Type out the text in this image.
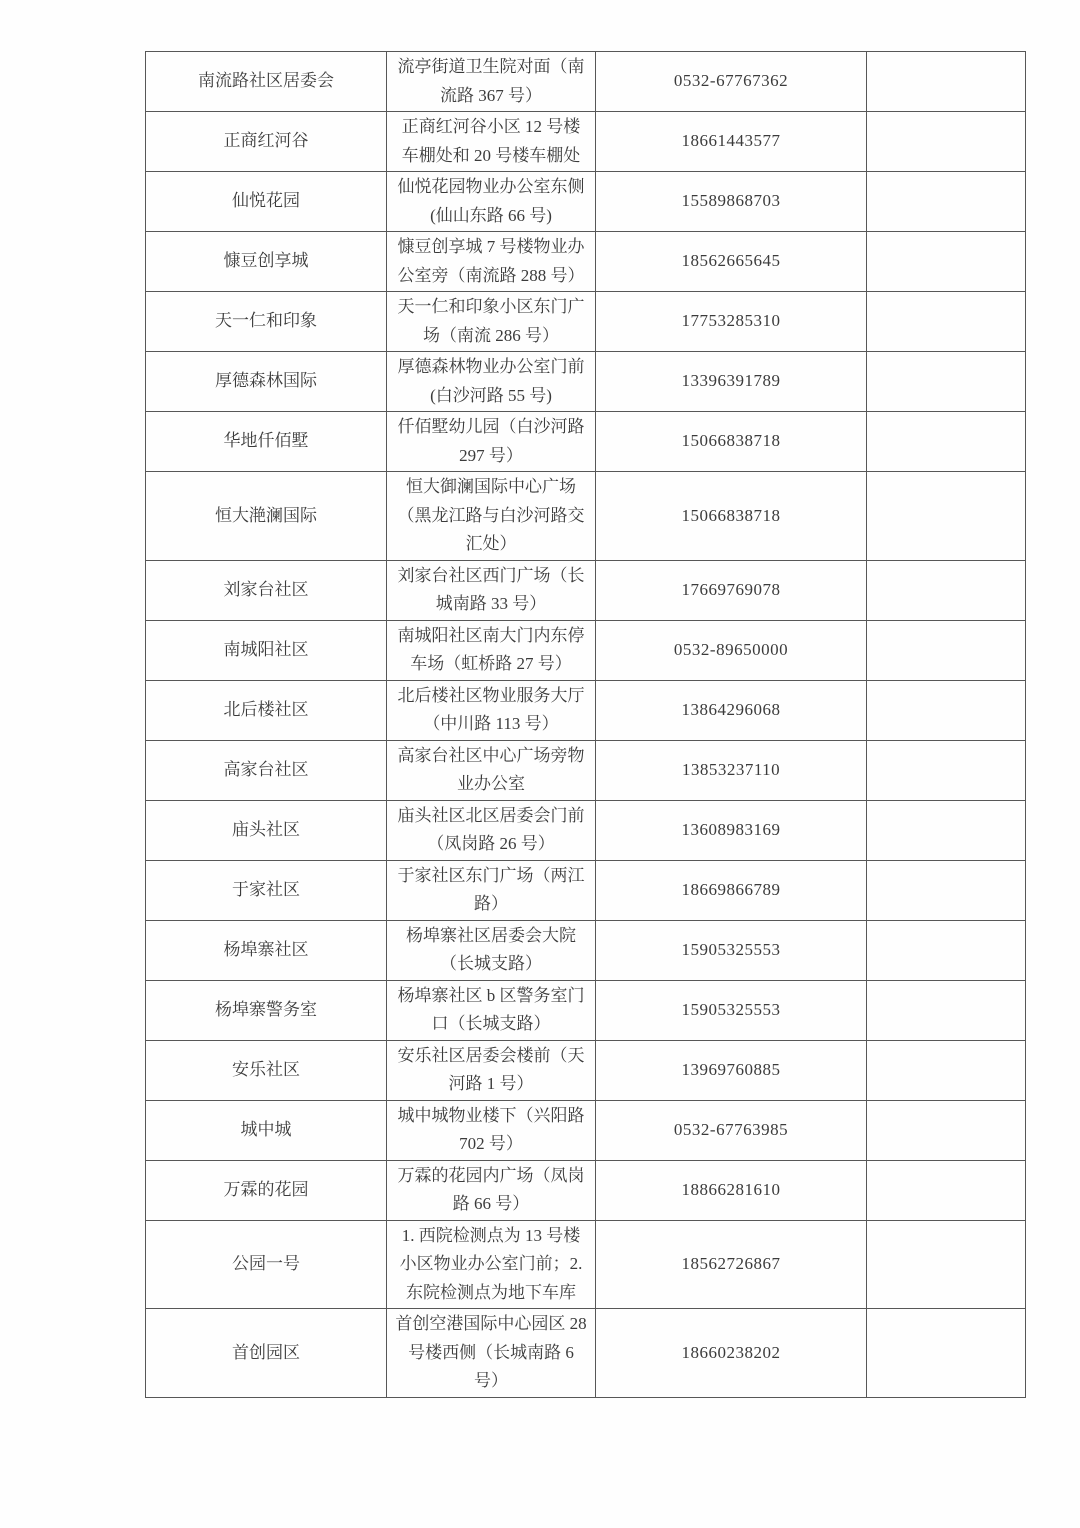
南流路社区居委会	流亭街道卫生院对面（南流路 367 号）	0532-67767362	
正商红河谷	正商红河谷小区 12 号楼车棚处和 20 号楼车棚处	18661443577	
仙悦花园	仙悦花园物业办公室东侧(仙山东路 66 号)	15589868703	
慷豆创享城	慷豆创享城 7 号楼物业办公室旁（南流路 288 号）	18562665645	
天一仁和印象	天一仁和印象小区东门广场（南流 286 号）	17753285310	
厚德森林国际	厚德森林物业办公室门前(白沙河路 55 号)	13396391789	
华地仟佰墅	仟佰墅幼儿园（白沙河路 297 号）	15066838718	
恒大滟澜国际	恒大御澜国际中心广场（黑龙江路与白沙河路交汇处）	15066838718	
刘家台社区	刘家台社区西门广场（长城南路 33 号）	17669769078	
南城阳社区	南城阳社区南大门内东停车场（虹桥路 27 号）	0532-89650000	
北后楼社区	北后楼社区物业服务大厅（中川路 113 号）	13864296068	
高家台社区	高家台社区中心广场旁物业办公室	13853237110	
庙头社区	庙头社区北区居委会门前（凤岗路 26 号）	13608983169	
于家社区	于家社区东门广场（两江路）	18669866789	
杨埠寨社区	杨埠寨社区居委会大院（长城支路）	15905325553	
杨埠寨警务室	杨埠寨社区 b 区警务室门口（长城支路）	15905325553	
安乐社区	安乐社区居委会楼前（天河路 1 号）	13969760885	
城中城	城中城物业楼下（兴阳路 702 号）	0532-67763985	
万霖的花园	万霖的花园内广场（凤岗路 66 号）	18866281610	
公园一号	1. 西院检测点为 13 号楼小区物业办公室门前；2. 东院检测点为地下车库	18562726867	
首创园区	首创空港国际中心园区 28 号楼西侧（长城南路 6 号）	18660238202	
